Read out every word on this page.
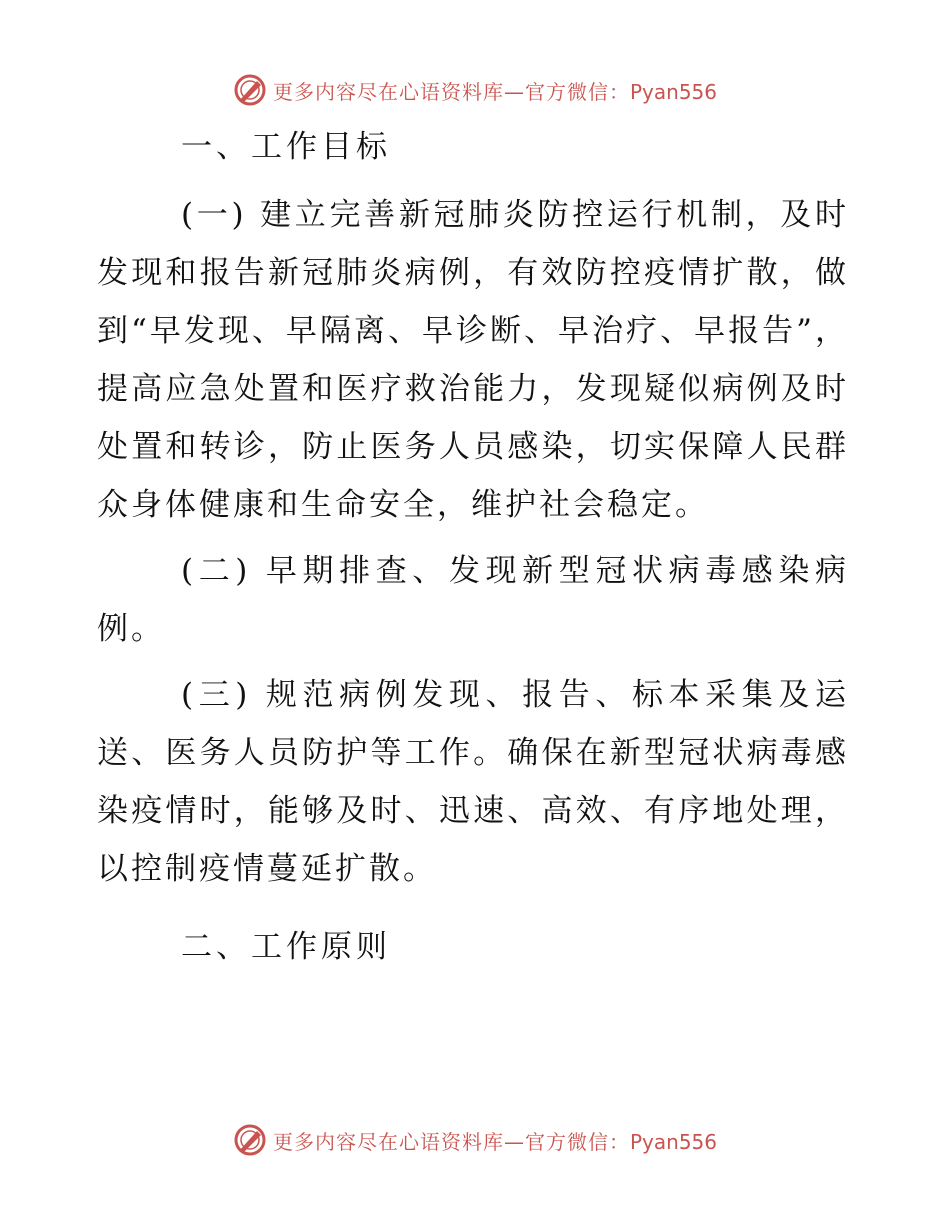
更多内容尽在心语资料库—官方微信：Pyan556

一、工作目标

(一) 建立完善新冠肺炎防控运行机制，及时发现和报告新冠肺炎病例，有效防控疫情扩散，做到“早发现、早隔离、早诊断、早治疗、早报告”，提高应急处置和医疗救治能力，发现疑似病例及时处置和转诊，防止医务人员感染，切实保障人民群众身体健康和生命安全，维护社会稳定。

(二) 早期排查、发现新型冠状病毒感染病例。

(三) 规范病例发现、报告、标本采集及运送、医务人员防护等工作。确保在新型冠状病毒感染疫情时，能够及时、迅速、高效、有序地处理，以控制疫情蔓延扩散。

二、工作原则

更多内容尽在心语资料库—官方微信：Pyan556
